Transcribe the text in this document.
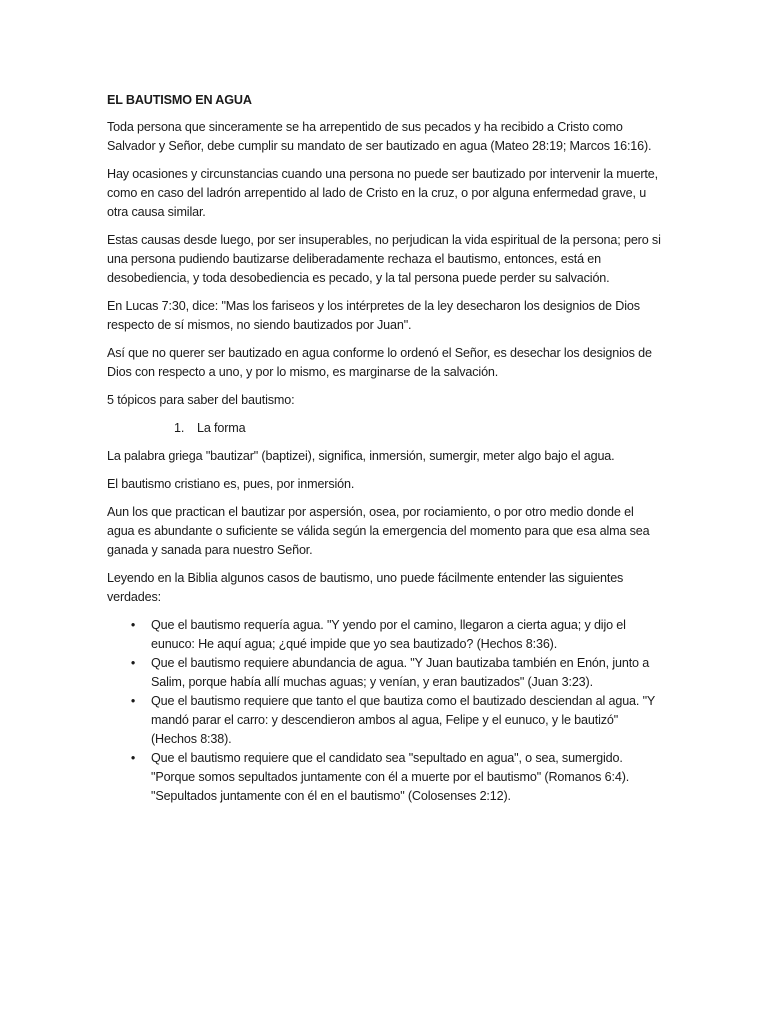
EL BAUTISMO EN AGUA

Toda persona que sinceramente se ha arrepentido de sus pecados y ha recibido a Cristo como Salvador y Señor, debe cumplir su mandato de ser bautizado en agua (Mateo 28:19; Marcos 16:16).

Hay ocasiones y circunstancias cuando una persona no puede ser bautizado por intervenir la muerte, como en caso del ladrón arrepentido al lado de Cristo en la cruz, o por alguna enfermedad grave, u otra causa similar.

Estas causas desde luego, por ser insuperables, no perjudican la vida espiritual de la persona; pero si una persona pudiendo bautizarse deliberadamente rechaza el bautismo, entonces, está en desobediencia, y toda desobediencia es pecado, y la tal persona puede perder su salvación.

En Lucas 7:30, dice: "Mas los fariseos y los intérpretes de la ley desecharon los designios de Dios respecto de sí mismos, no siendo bautizados por Juan".

Así que no querer ser bautizado en agua conforme lo ordenó el Señor, es desechar los designios de Dios con respecto a uno, y por lo mismo, es marginarse de la salvación.

5 tópicos para saber del bautismo:

1.	La forma

La palabra griega "bautizar" (baptizei), significa, inmersión, sumergir, meter algo bajo el agua.

El bautismo cristiano es, pues, por inmersión.

Aun los que practican el bautizar por aspersión, osea, por rociamiento, o por otro medio donde el agua es abundante o suficiente se válida según la emergencia del momento para que esa alma sea ganada y sanada para nuestro Señor.

Leyendo en la Biblia algunos casos de bautismo, uno puede fácilmente entender las siguientes verdades:

• Que el bautismo requería agua. "Y yendo por el camino, llegaron a cierta agua; y dijo el eunuco: He aquí agua; ¿qué impide que yo sea bautizado? (Hechos 8:36).
• Que el bautismo requiere abundancia de agua. "Y Juan bautizaba también en Enón, junto a Salim, porque había allí muchas aguas; y venían, y eran bautizados" (Juan 3:23).
• Que el bautismo requiere que tanto el que bautiza como el bautizado desciendan al agua. "Y mandó parar el carro: y descendieron ambos al agua, Felipe y el eunuco, y le bautizó" (Hechos 8:38).
• Que el bautismo requiere que el candidato sea "sepultado en agua", o sea, sumergido. "Porque somos sepultados juntamente con él a muerte por el bautismo" (Romanos 6:4). "Sepultados juntamente con él en el bautismo" (Colosenses 2:12).
